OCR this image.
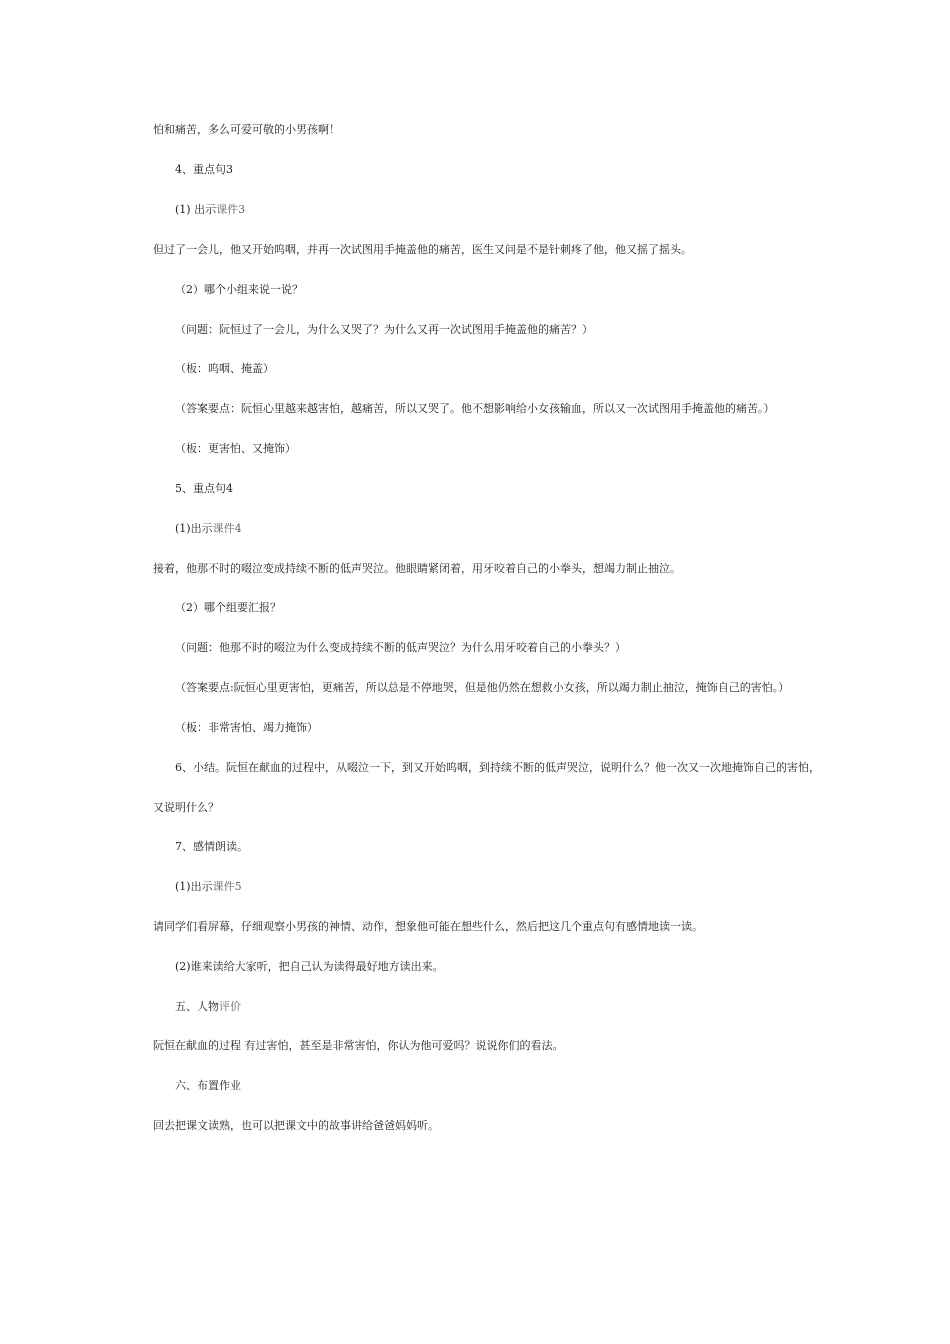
怕和痛苦，多么可爱可敬的小男孩啊！
4、重点句3
(1) 出示课件3
但过了一会儿，他又开始呜咽，并再一次试图用手掩盖他的痛苦，医生又问是不是针刺疼了他，他又摇了摇头。
（2）哪个小组来说一说？
（问题：阮恒过了一会儿，为什么又哭了？为什么又再一次试图用手掩盖他的痛苦？）
（板：呜咽、掩盖）
（答案要点：阮恒心里越来越害怕，越痛苦，所以又哭了。他不想影响给小女孩输血，所以又一次试图用手掩盖他的痛苦。）
（板：更害怕、又掩饰）
5、重点句4
(1)出示课件4
接着，他那不时的啜泣变成持续不断的低声哭泣。他眼睛紧闭着，用牙咬着自己的小拳头，想竭力制止抽泣。
（2）哪个组要汇报？
（问题：他那不时的啜泣为什么变成持续不断的低声哭泣？为什么用牙咬着自己的小拳头？）
（答案要点:阮恒心里更害怕，更痛苦，所以总是不停地哭，但是他仍然在想救小女孩，所以竭力制止抽泣，掩饰自己的害怕。）
（板：非常害怕、竭力掩饰）
6、小结。阮恒在献血的过程中，从啜泣一下，到又开始呜咽，到持续不断的低声哭泣，说明什么？他一次又一次地掩饰自己的害怕，
又说明什么？
7、感情朗读。
(1)出示课件5
请同学们看屏幕，仔细观察小男孩的神情、动作，想象他可能在想些什么，然后把这几个重点句有感情地读一读。
(2)谁来读给大家听，把自己认为读得最好地方读出来。
五、人物评价
阮恒在献血的过程 有过害怕，甚至是非常害怕，你认为他可爱吗？说说你们的看法。
六、布置作业
回去把课文读熟，也可以把课文中的故事讲给爸爸妈妈听。
